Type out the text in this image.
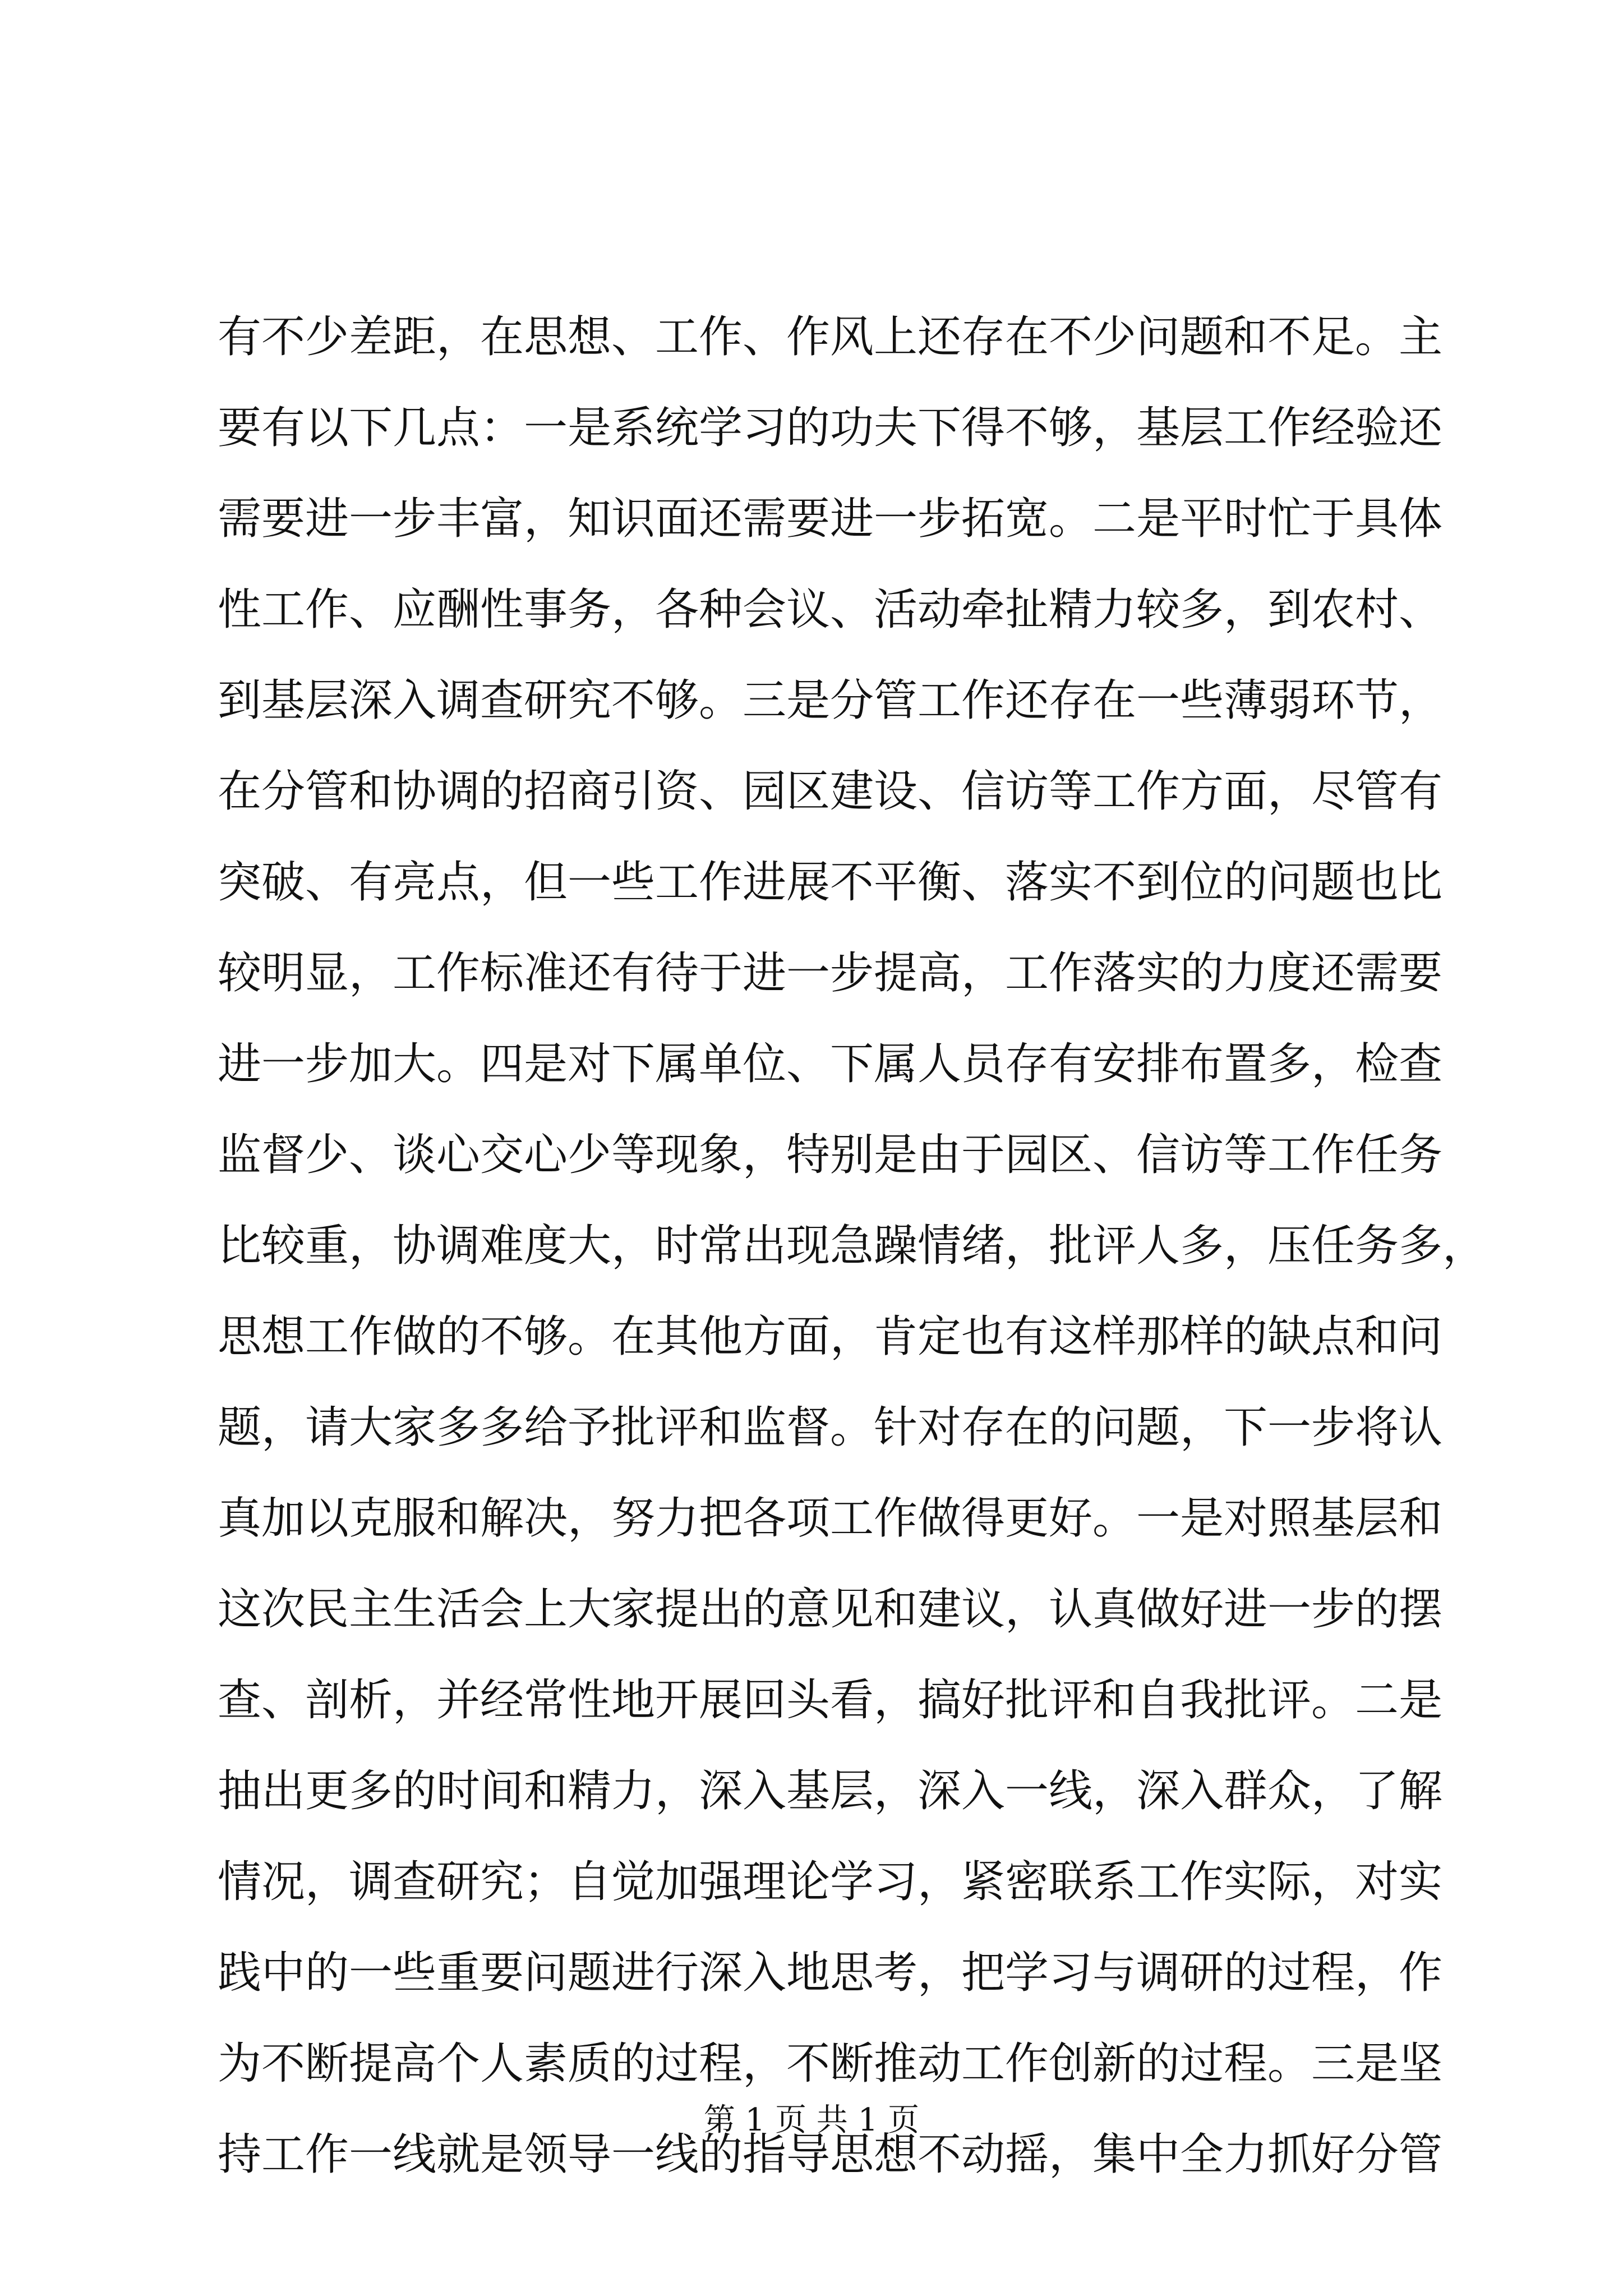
有不少差距，在思想、工作、作风上还存在不少问题和不足。主
要有以下几点：一是系统学习的功夫下得不够，基层工作经验还
需要进一步丰富，知识面还需要进一步拓宽。二是平时忙于具体
性工作、应酬性事务，各种会议、活动牵扯精力较多，到农村、
到基层深入调查研究不够。三是分管工作还存在一些薄弱环节，
在分管和协调的招商引资、园区建设、信访等工作方面，尽管有
突破、有亮点，但一些工作进展不平衡、落实不到位的问题也比
较明显，工作标准还有待于进一步提高，工作落实的力度还需要
进一步加大。四是对下属单位、下属人员存有安排布置多，检查
监督少、谈心交心少等现象，特别是由于园区、信访等工作任务
比较重，协调难度大，时常出现急躁情绪，批评人多，压任务多，
思想工作做的不够。在其他方面，肯定也有这样那样的缺点和问
题，请大家多多给予批评和监督。针对存在的问题，下一步将认
真加以克服和解决，努力把各项工作做得更好。一是对照基层和
这次民主生活会上大家提出的意见和建议，认真做好进一步的摆
查、剖析，并经常性地开展回头看，搞好批评和自我批评。二是
抽出更多的时间和精力，深入基层，深入一线，深入群众，了解
情况，调查研究；自觉加强理论学习，紧密联系工作实际，对实
践中的一些重要问题进行深入地思考，把学习与调研的过程，作
为不断提高个人素质的过程，不断推动工作创新的过程。三是坚
持工作一线就是领导一线的指导思想不动摇，集中全力抓好分管
第 1 页 共 1 页
